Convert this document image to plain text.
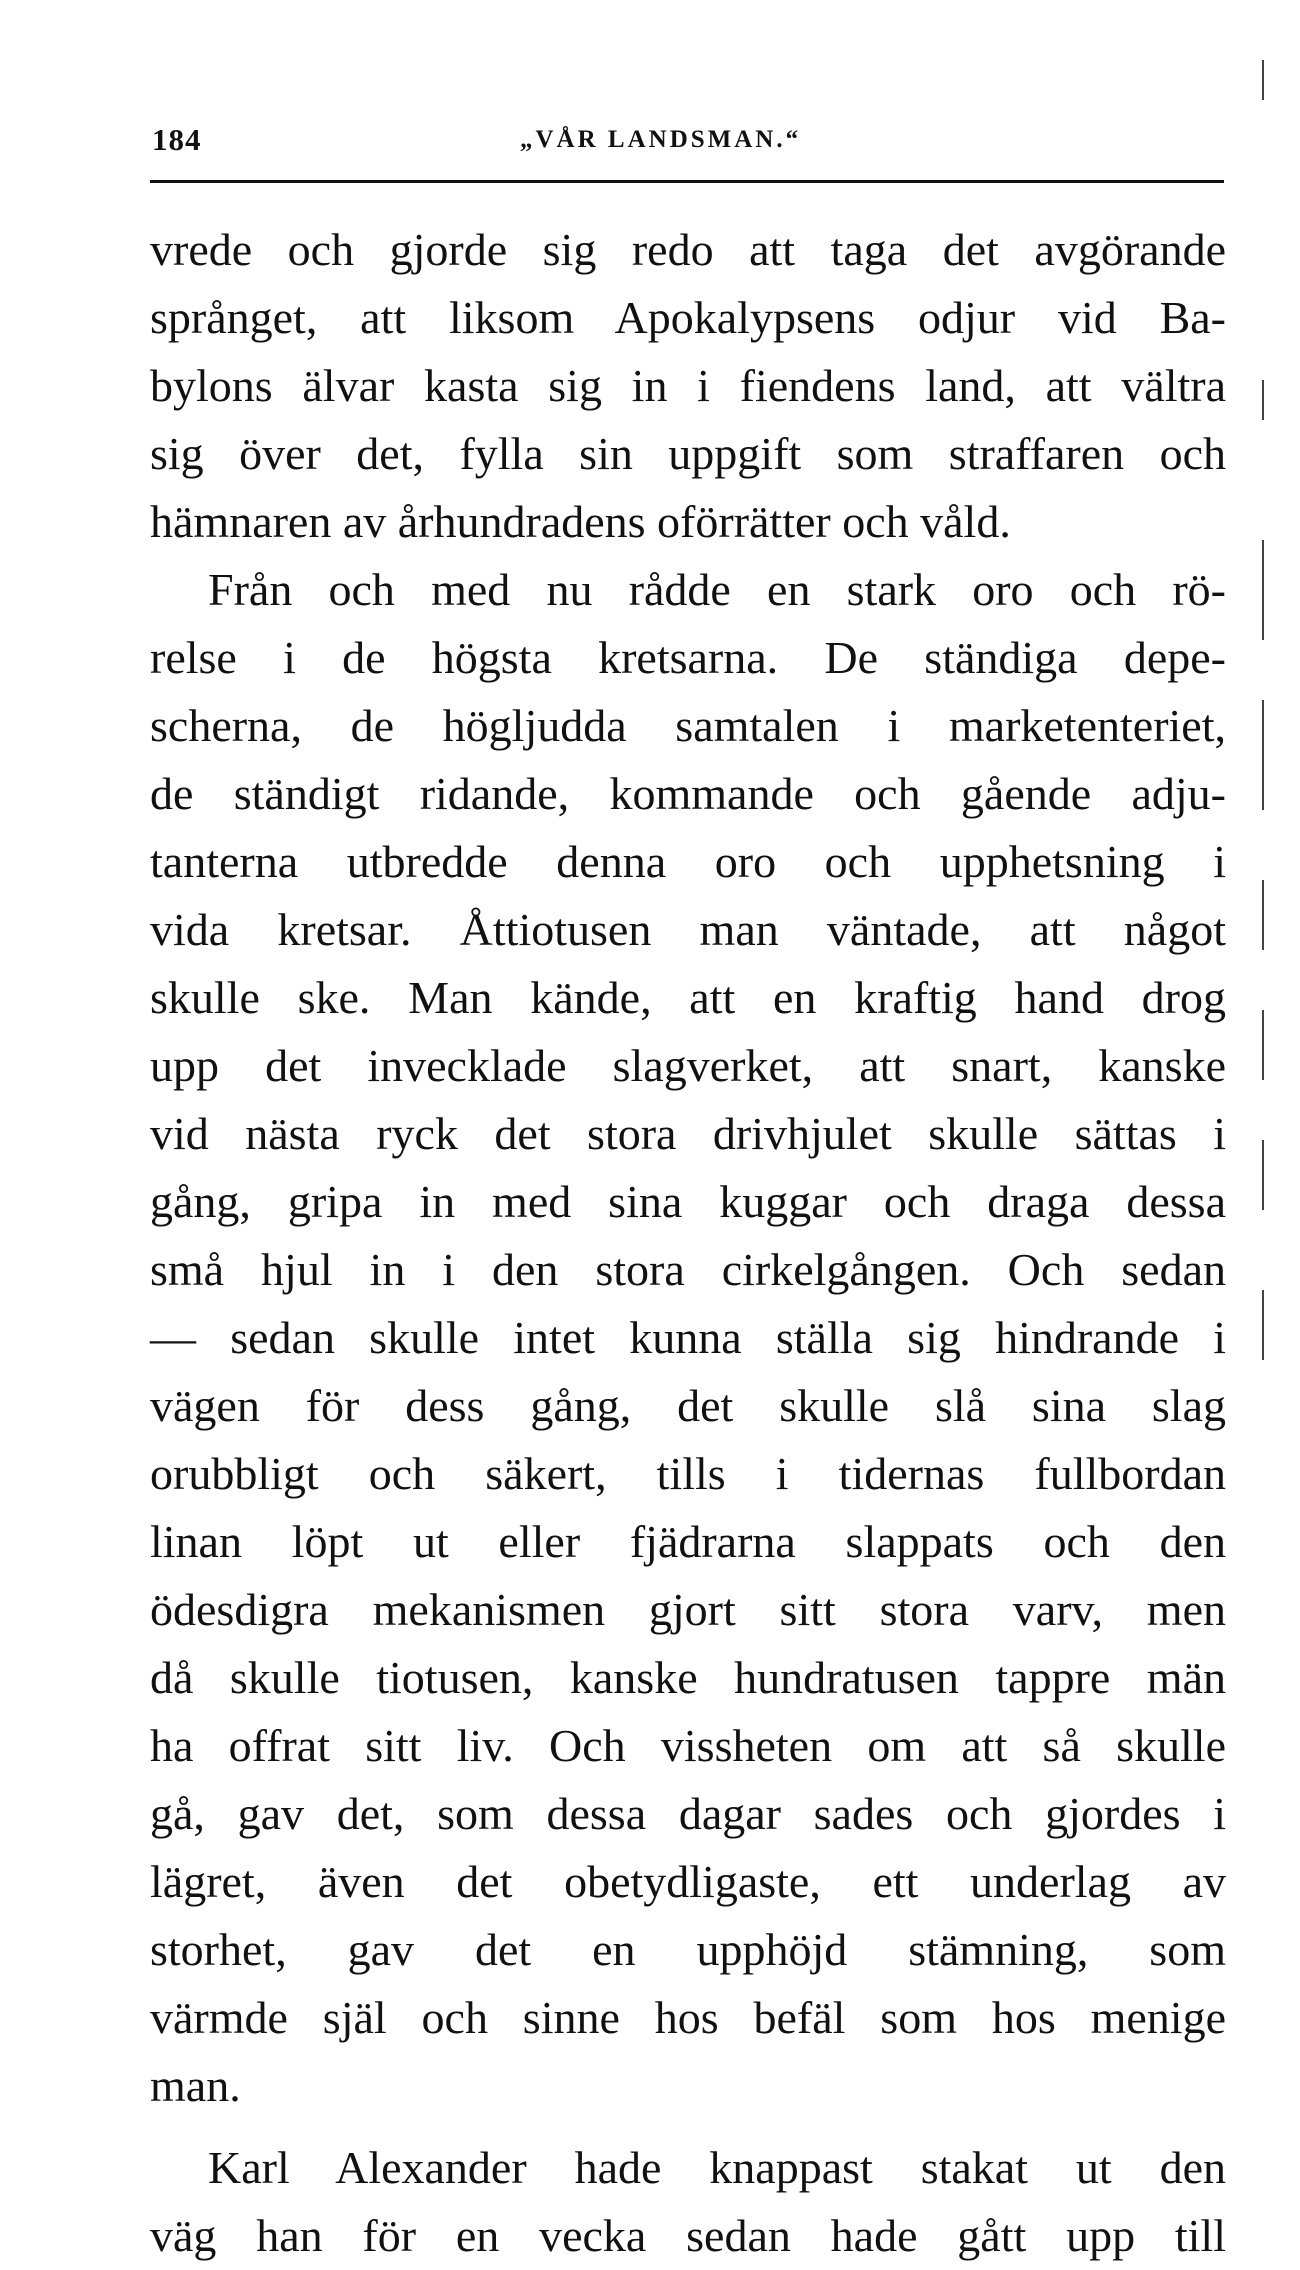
184	„VÅR LANDSMAN.“
vrede och gjorde sig redo att taga det avgörande
språnget, att liksom Apokalypsens odjur vid Ba-
bylons älvar kasta sig in i fiendens land, att vältra
sig över det, fylla sin uppgift som straffaren och
hämnaren av århundradens oförrätter och våld.
Från och med nu rådde en stark oro och rö-
relse i de högsta kretsarna. De ständiga depe-
scherna, de högljudda samtalen i marketenteriet,
de ständigt ridande, kommande och gående adju-
tanterna utbredde denna oro och upphetsning i
vida kretsar. Åttiotusen man väntade, att något
skulle ske. Man kände, att en kraftig hand drog
upp det invecklade slagverket, att snart, kanske
vid nästa ryck det stora drivhjulet skulle sättas i
gång, gripa in med sina kuggar och draga dessa
små hjul in i den stora cirkelgången. Och sedan
— sedan skulle intet kunna ställa sig hindrande i
vägen för dess gång, det skulle slå sina slag
orubbligt och säkert, tills i tidernas fullbordan
linan löpt ut eller fjädrarna slappats och den
ödesdigra mekanismen gjort sitt stora varv, men
då skulle tiotusen, kanske hundratusen tappre män
ha offrat sitt liv. Och vissheten om att så skulle
gå, gav det, som dessa dagar sades och gjordes i
lägret, även det obetydligaste, ett underlag av
storhet, gav det en upphöjd stämning, som
värmde själ och sinne hos befäl som hos menige
man.
Karl Alexander hade knappast stakat ut den
väg han för en vecka sedan hade gått upp till
